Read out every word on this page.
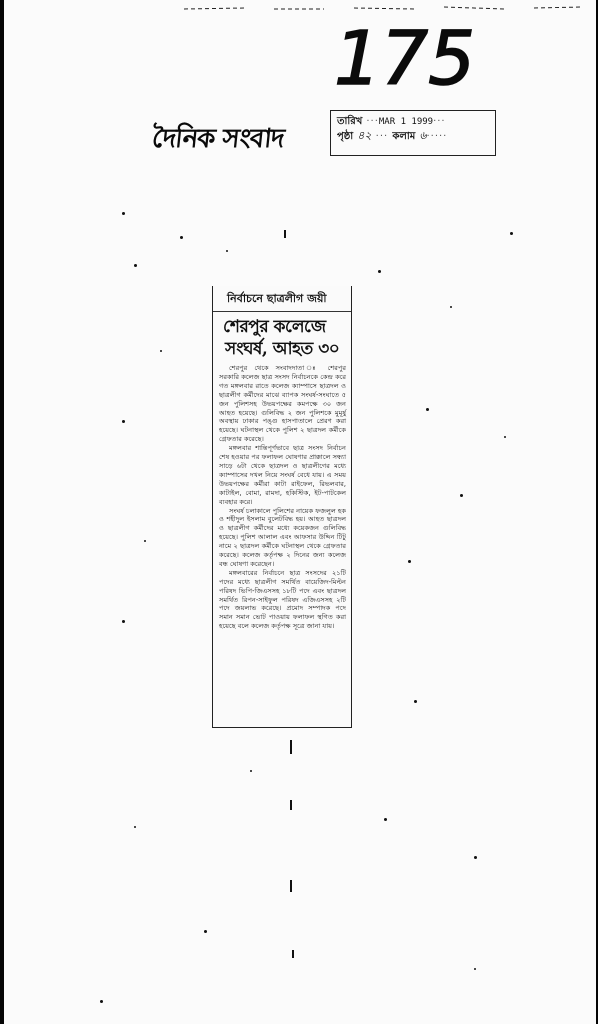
175
দৈনিক সংবাদ
তারিখ ··· MAR 1 1999 ···
পৃষ্ঠা ৪২ ··· কলাম ৬ ·····
নির্বাচনে ছাত্রলীগ জয়ী
শেরপুর কলেজে
সংঘর্ষ, আহত ৩০

শেরপুর থেকে সংবাদদাতা ঃ শেরপুর সরকারি কলেজ ছাত্র সংসদ নির্বাচনকে কেন্দ্র করে গত মঙ্গলবার রাতে কলেজ ক্যাম্পাসে ছাত্রদল ও ছাত্রলীগ কর্মীদের মাঝে ব্যাপক সংঘর্ষ-সংঘাতে ৫ জন পুলিশসহ উভয়পক্ষের কমপক্ষে ৩০ জন আহত হয়েছে। গুলিবিদ্ধ ২ জন পুলিশকে মুমূর্ষু অবস্থায় ঢাকার পঙ্গু হাসপাতালে প্রেরণ করা হয়েছে। ঘটনাস্থল থেকে পুলিশ ২ ছাত্রদল কর্মীকে গ্রেফতার করেছে।

মঙ্গলবার শান্তিপূর্ণভাবে ছাত্র সংসদ নির্বাচন শেষ হওয়ার পর ফলাফল ঘোষণার প্রাক্কালে সন্ধ্যা সাড়ে ৬টা থেকে ছাত্রদল ও ছাত্রলীগের মধ্যে ক্যাম্পাসের দখল নিয়ে সংঘর্ষ বেধে যায়। এ সময় উভয়পক্ষের কর্মীরা কাটা রাইফেল, রিভলবার, কাটাইল, বোমা, রামদা, হকিস্টিক, ইট-পাটকেল ব্যবহার করে।

সংঘর্ষ চলাকালে পুলিশের নায়েক ফজলুল হক ও শহীদুল ইসলাম বুলেটবিদ্ধ হয়। আহত ছাত্রদল ও ছাত্রলীগ কর্মীদের মধ্যে কয়েকজন গুলিবিদ্ধ হয়েছে। পুলিশ আলাল এবং আফসার উদ্দিন টিটু নামে ২ ছাত্রদল কর্মীকে ঘটনাস্থল থেকে গ্রেফতার করেছে। কলেজ কর্তৃপক্ষ ২ দিনের জন্য কলেজ বন্ধ ঘোষণা করেছেন।

মঙ্গলবারের নির্বাচনে ছাত্র সংসদের ২১টি পদের মধ্যে ছাত্রলীগ সমর্থিত বায়েজিদ-মিল্টন পরিষদ ভিপি-জিএসসহ ১৮টি পদে এবং ছাত্রদল সমর্থিত রিপন-সাইফুল পরিষদ এজিএসসহ ২টি পদে জয়লাভ করেছে। প্রমোদ সম্পাদক পদে সমান সমান ভোট পাওয়ায় ফলাফল স্থগিত করা হয়েছে বলে কলেজ কর্তৃপক্ষ সূত্রে জানা যায়।
